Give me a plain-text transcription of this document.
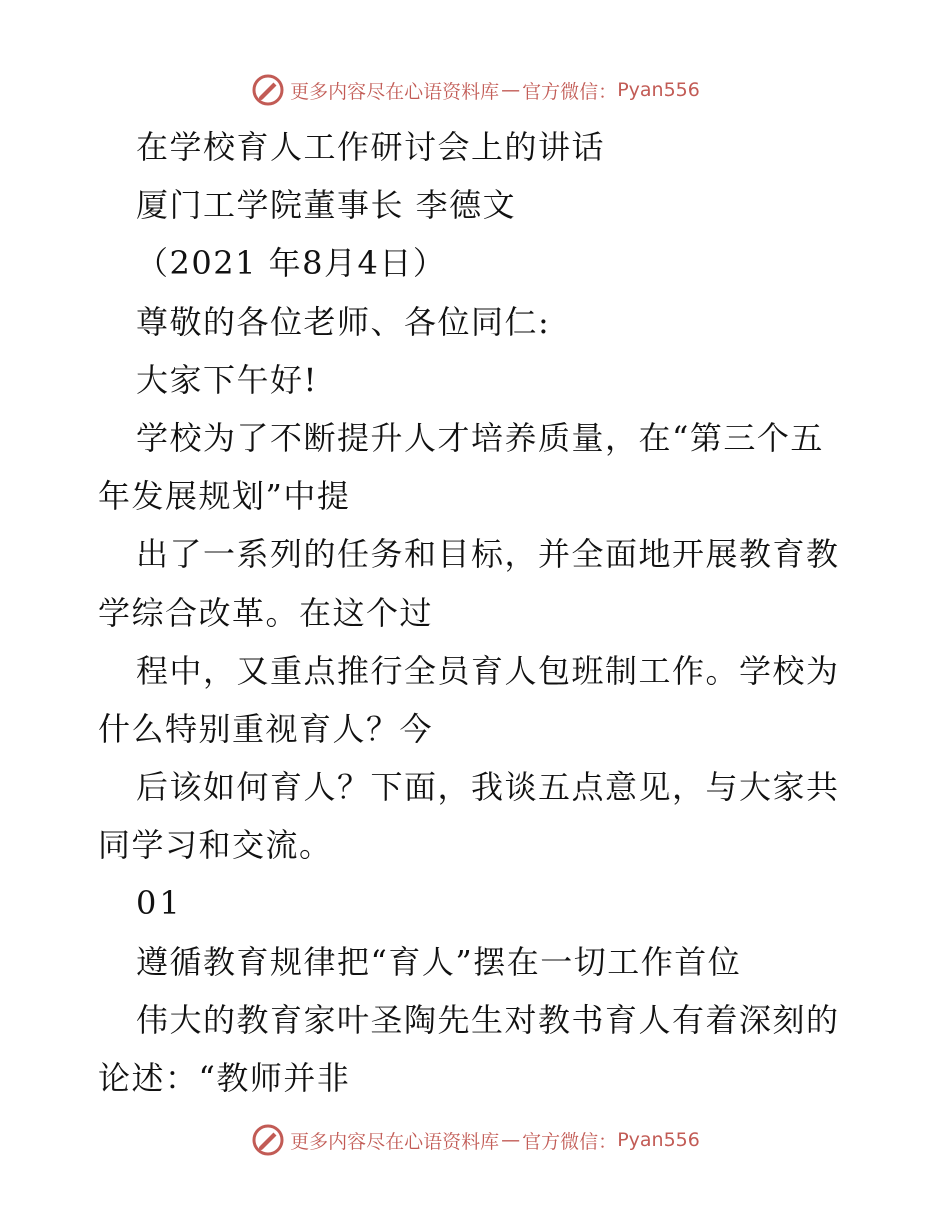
更多内容尽在心语资料库 — 官方微信： Pyan556
在学校育人工作研讨会上的讲话
厦门工学院董事长 李德文
（2021 年8月4日）
尊敬的各位老师、各位同仁:
大家下午好!
学校为了不断提升人才培养质量，在“第三个五
年发展规划”中提
出了一系列的任务和目标，并全面地开展教育教
学综合改革。在这个过
程中，又重点推行全员育人包班制工作。学校为
什么特别重视育人？今
后该如何育人？下面，我谈五点意见，与大家共
同学习和交流。
01
遵循教育规律把“育人”摆在一切工作首位
伟大的教育家叶圣陶先生对教书育人有着深刻的
论述：“教师并非
更多内容尽在心语资料库 — 官方微信： Pyan556
